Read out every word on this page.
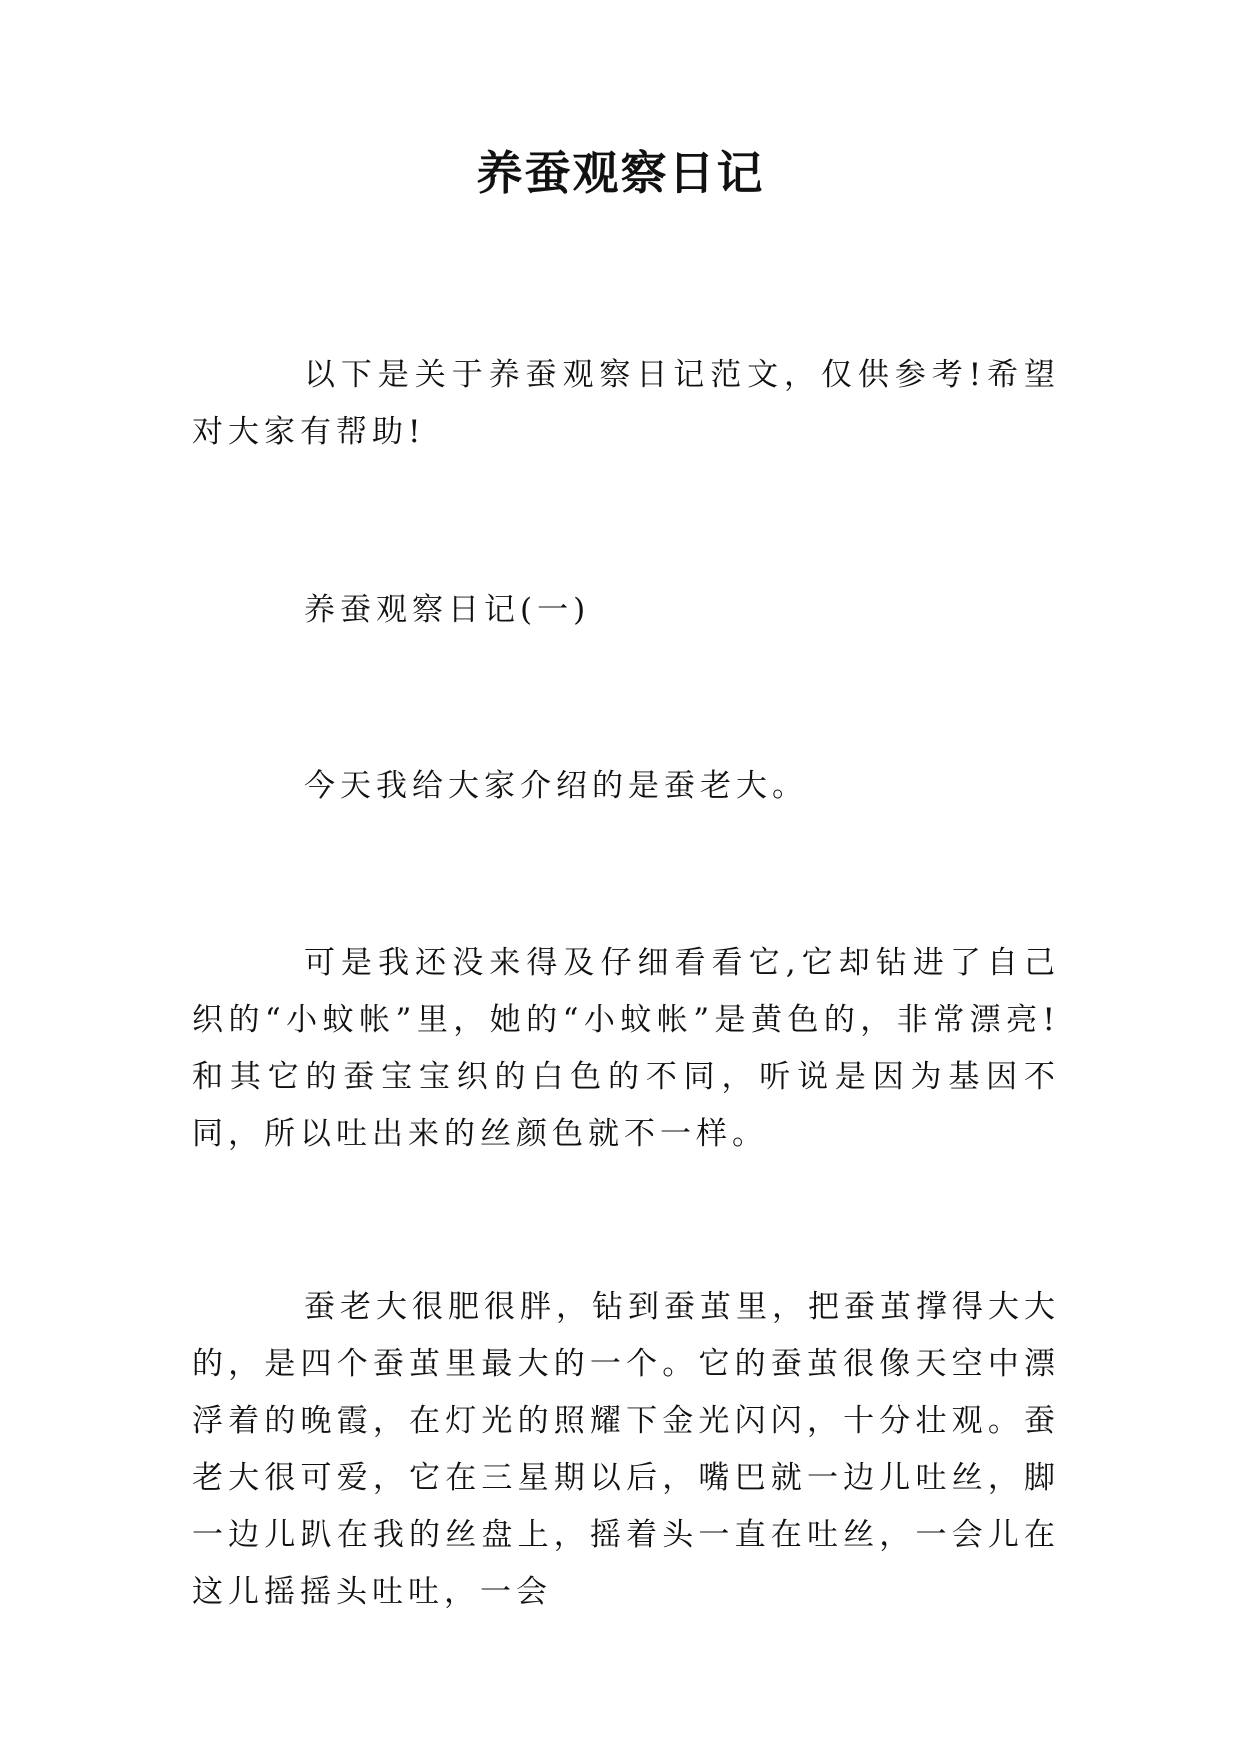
养蚕观察日记

以下是关于养蚕观察日记范文，仅供参考!希望对大家有帮助!

养蚕观察日记(一)

今天我给大家介绍的是蚕老大。

可是我还没来得及仔细看看它,它却钻进了自己织的“小蚊帐”里，她的“小蚊帐”是黄色的，非常漂亮!和其它的蚕宝宝织的白色的不同，听说是因为基因不同，所以吐出来的丝颜色就不一样。

蚕老大很肥很胖，钻到蚕茧里，把蚕茧撑得大大的，是四个蚕茧里最大的一个。它的蚕茧很像天空中漂浮着的晚霞，在灯光的照耀下金光闪闪，十分壮观。蚕老大很可爱，它在三星期以后，嘴巴就一边儿吐丝，脚一边儿趴在我的丝盘上，摇着头一直在吐丝，一会儿在这儿摇摇头吐吐，一会
